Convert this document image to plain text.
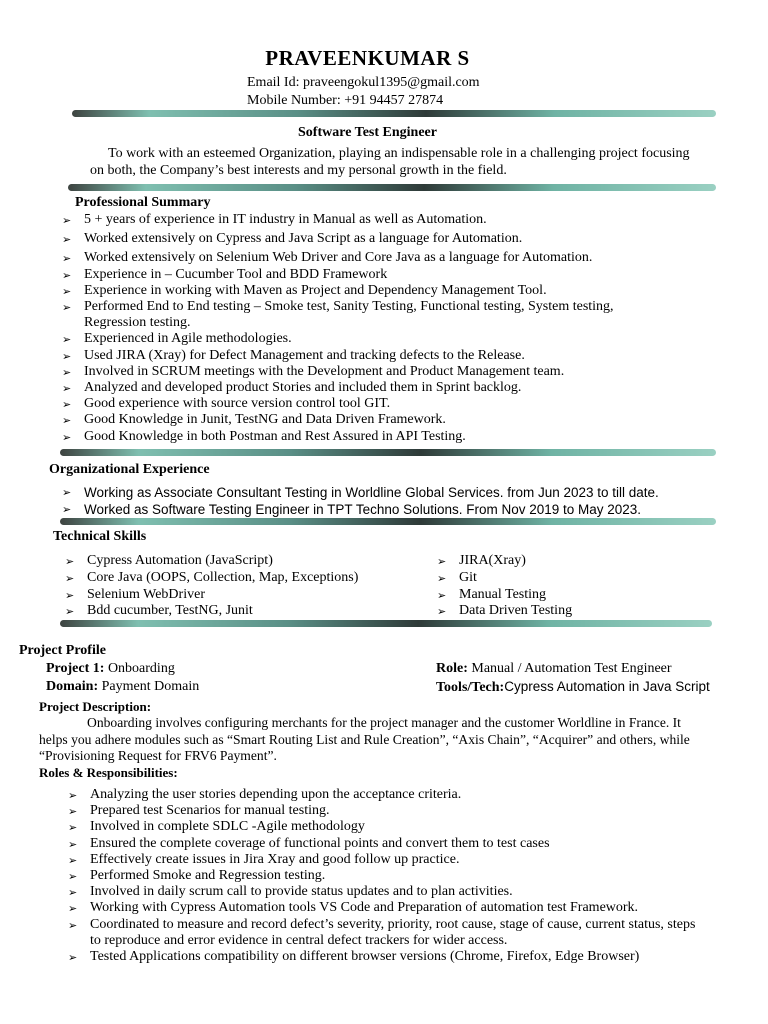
PRAVEENKUMAR S
Email Id: praveengokul1395@gmail.com
Mobile Number: +91 94457 27874
Software Test Engineer
To work with an esteemed Organization, playing an indispensable role in a challenging project focusing on both, the Company’s best interests and my personal growth in the field.
Professional Summary
➢ 5 + years of experience in IT industry in Manual as well as Automation.
➢ Worked extensively on Cypress and Java Script as a language for Automation.
➢ Worked extensively on Selenium Web Driver and Core Java as a language for Automation.
➢ Experience in – Cucumber Tool and BDD Framework
➢ Experience in working with Maven as Project and Dependency Management Tool.
➢ Performed End to End testing – Smoke test, Sanity Testing, Functional testing, System testing,
Regression testing.
➢ Experienced in Agile methodologies.
➢ Used JIRA (Xray) for Defect Management and tracking defects to the Release.
➢ Involved in SCRUM meetings with the Development and Product Management team.
➢ Analyzed and developed product Stories and included them in Sprint backlog.
➢ Good experience with source version control tool GIT.
➢ Good Knowledge in Junit, TestNG and Data Driven Framework.
➢ Good Knowledge in both Postman and Rest Assured in API Testing.
Organizational Experience
➢ Working as Associate Consultant Testing in Worldline Global Services. from Jun 2023 to till date.
➢ Worked as Software Testing Engineer in TPT Techno Solutions. From Nov 2019 to May 2023.
Technical Skills
➢ Cypress Automation (JavaScript)
➢ Core Java (OOPS, Collection, Map, Exceptions)
➢ Selenium WebDriver
➢ Bdd cucumber, TestNG, Junit
➢ JIRA(Xray)
➢ Git
➢ Manual Testing
➢ Data Driven Testing
Project Profile
Project 1: Onboarding
Domain: Payment Domain
Role: Manual / Automation Test Engineer
Tools/Tech:Cypress Automation in Java Script
Project Description:
Onboarding involves configuring merchants for the project manager and the customer Worldline in France. It helps you adhere modules such as “Smart Routing List and Rule Creation”, “Axis Chain”, “Acquirer” and others, while “Provisioning Request for FRV6 Payment”.
Roles & Responsibilities:
➢ Analyzing the user stories depending upon the acceptance criteria.
➢ Prepared test Scenarios for manual testing.
➢ Involved in complete SDLC -Agile methodology
➢ Ensured the complete coverage of functional points and convert them to test cases
➢ Effectively create issues in Jira Xray and good follow up practice.
➢ Performed Smoke and Regression testing.
➢ Involved in daily scrum call to provide status updates and to plan activities.
➢ Working with Cypress Automation tools VS Code and Preparation of automation test Framework.
➢ Coordinated to measure and record defect’s severity, priority, root cause, stage of cause, current status, steps
to reproduce and error evidence in central defect trackers for wider access.
➢ Tested Applications compatibility on different browser versions (Chrome, Firefox, Edge Browser)
